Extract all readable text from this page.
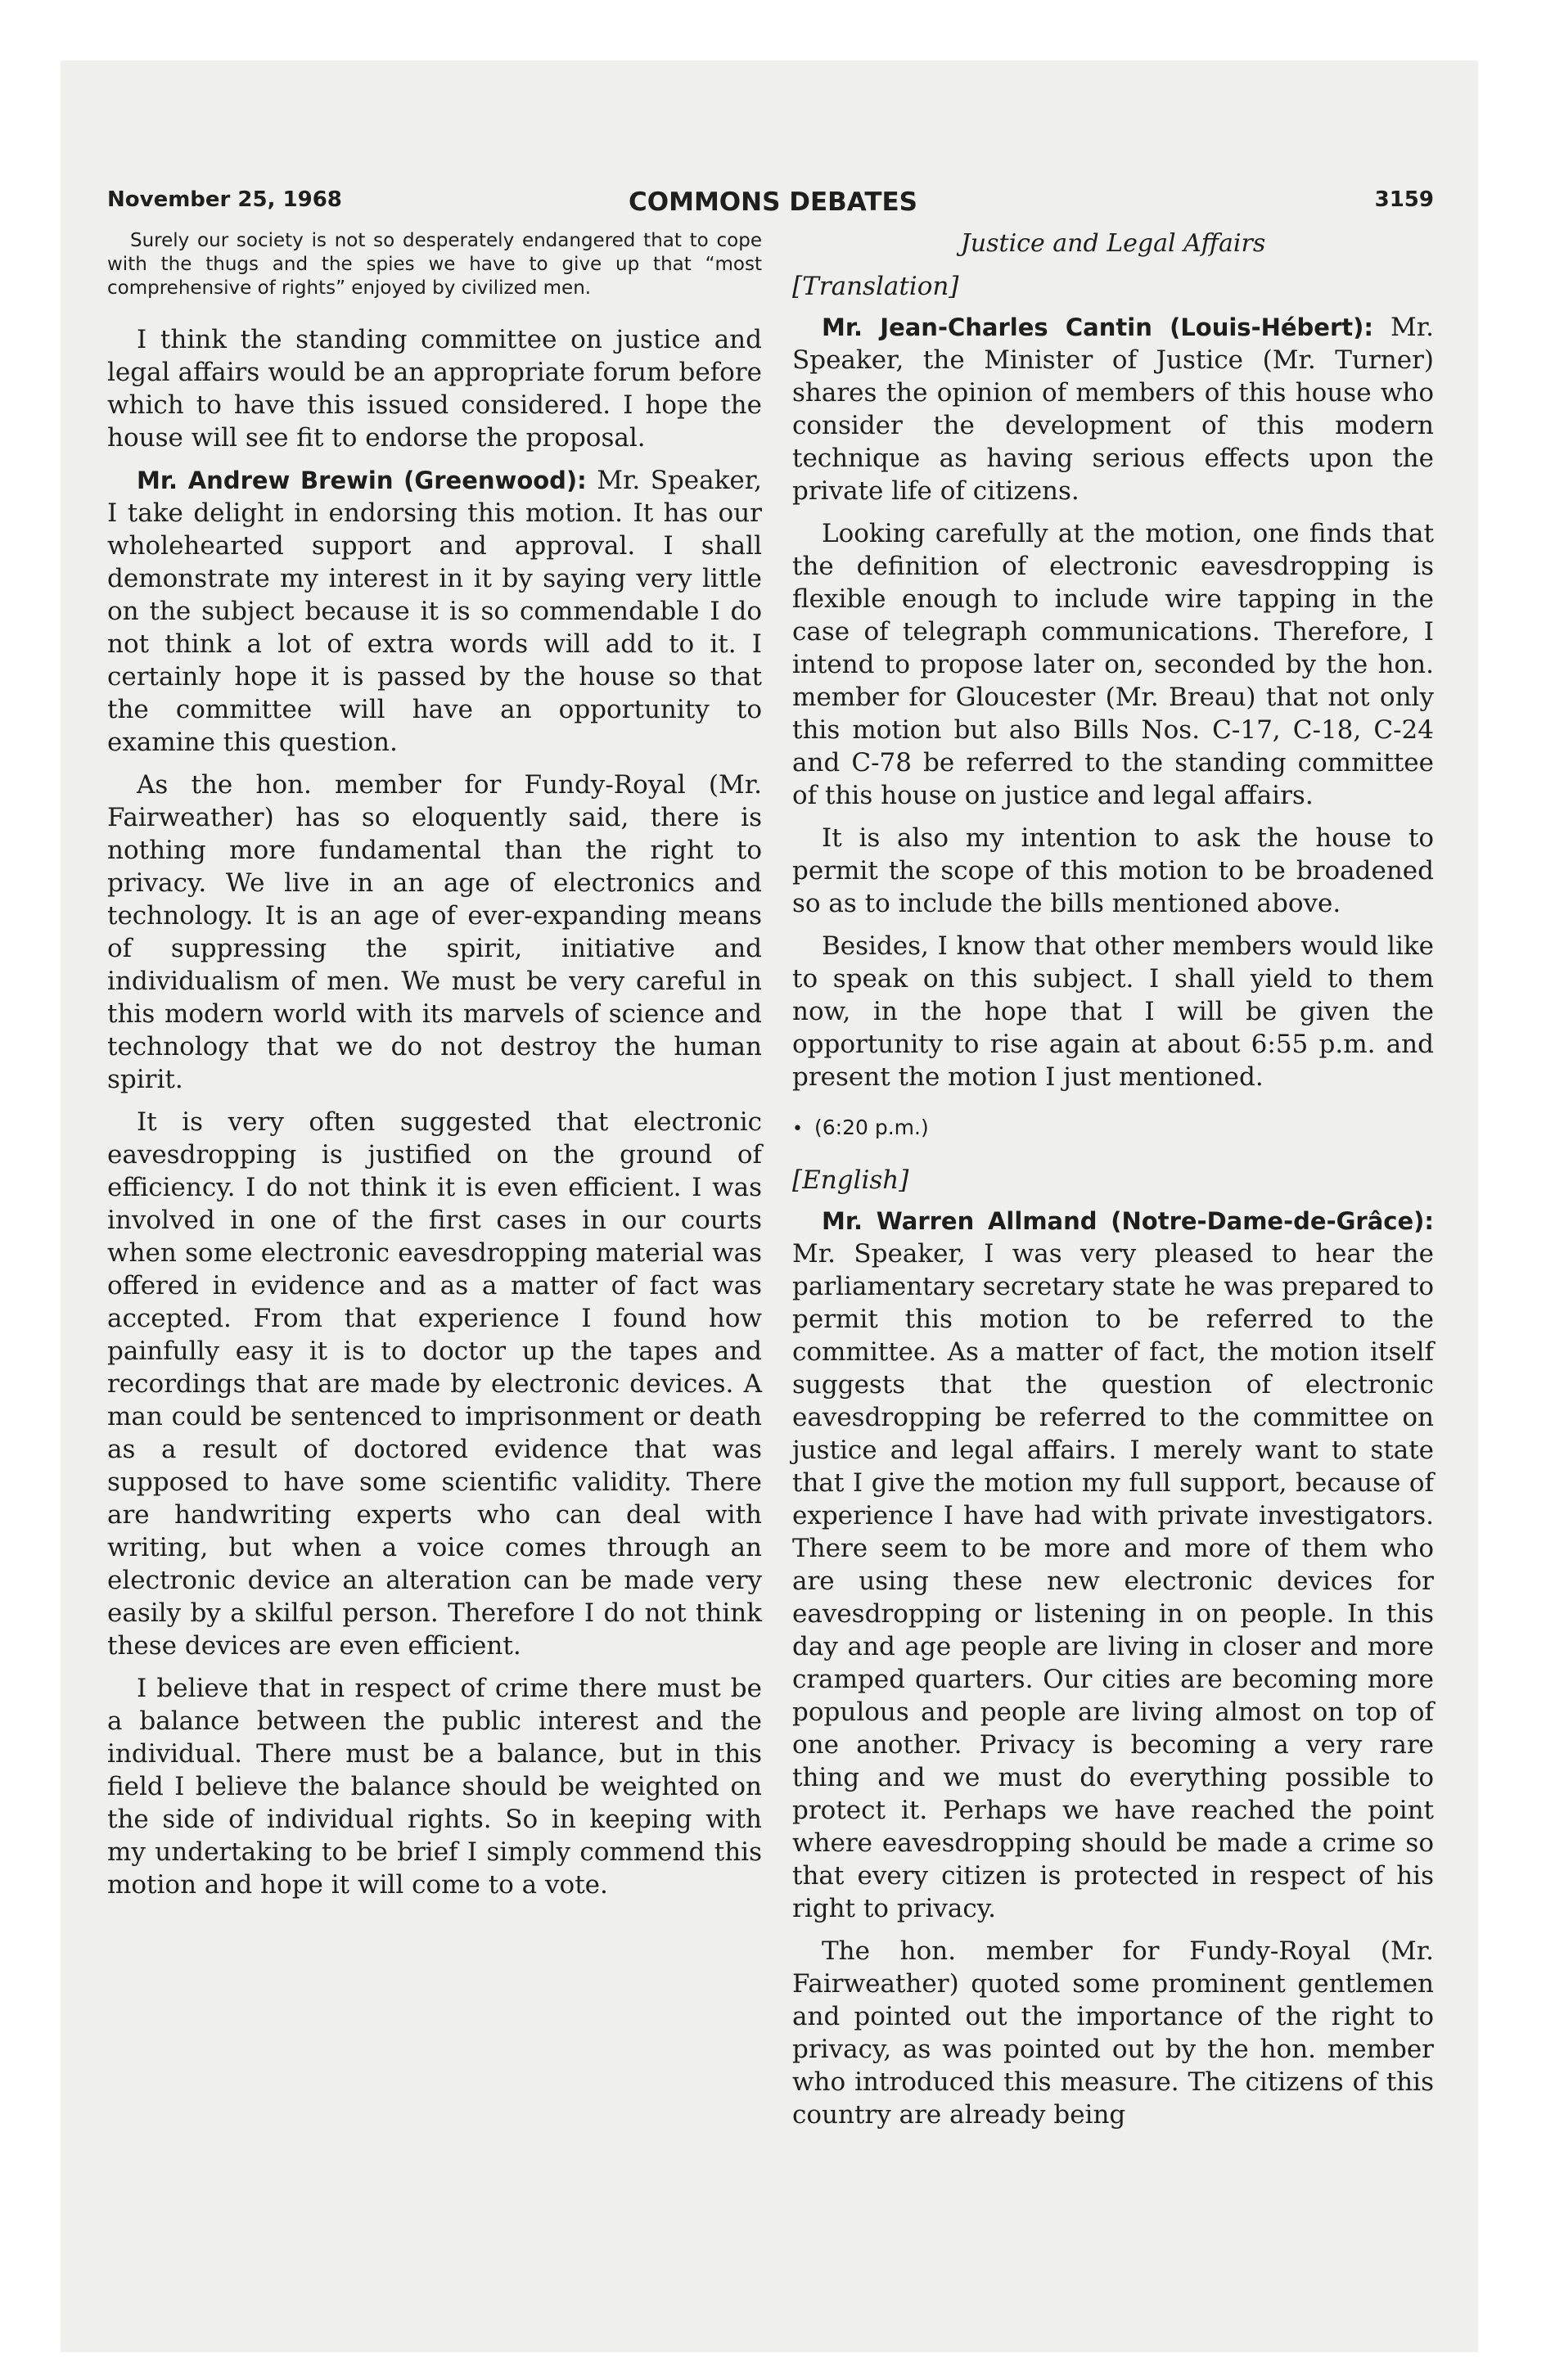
November 25, 1968	COMMONS DEBATES	3159
Justice and Legal Affairs

Surely our society is not so desperately endangered that to cope with the thugs and the spies we have to give up that “most comprehensive of rights” enjoyed by civilized men.

I think the standing committee on justice and legal affairs would be an appropriate forum before which to have this issued considered. I hope the house will see fit to endorse the proposal.

Mr. Andrew Brewin (Greenwood): Mr. Speaker, I take delight in endorsing this motion. It has our wholehearted support and approval. I shall demonstrate my interest in it by saying very little on the subject because it is so commendable I do not think a lot of extra words will add to it. I certainly hope it is passed by the house so that the committee will have an opportunity to examine this question.

As the hon. member for Fundy-Royal (Mr. Fairweather) has so eloquently said, there is nothing more fundamental than the right to privacy. We live in an age of electronics and technology. It is an age of ever-expanding means of suppressing the spirit, initiative and individualism of men. We must be very careful in this modern world with its marvels of science and technology that we do not destroy the human spirit.

It is very often suggested that electronic eavesdropping is justified on the ground of efficiency. I do not think it is even efficient. I was involved in one of the first cases in our courts when some electronic eavesdropping material was offered in evidence and as a matter of fact was accepted. From that experience I found how painfully easy it is to doctor up the tapes and recordings that are made by electronic devices. A man could be sentenced to imprisonment or death as a result of doctored evidence that was supposed to have some scientific validity. There are handwriting experts who can deal with writing, but when a voice comes through an electronic device an alteration can be made very easily by a skilful person. Therefore I do not think these devices are even efficient.

I believe that in respect of crime there must be a balance between the public interest and the individual. There must be a balance, but in this field I believe the balance should be weighted on the side of individual rights. So in keeping with my undertaking to be brief I simply commend this motion and hope it will come to a vote.

[Translation]

Mr. Jean-Charles Cantin (Louis-Hébert): Mr. Speaker, the Minister of Justice (Mr. Turner) shares the opinion of members of this house who consider the development of this modern technique as having serious effects upon the private life of citizens.

Looking carefully at the motion, one finds that the definition of electronic eavesdropping is flexible enough to include wire tapping in the case of telegraph communications. Therefore, I intend to propose later on, seconded by the hon. member for Gloucester (Mr. Breau) that not only this motion but also Bills Nos. C-17, C-18, C-24 and C-78 be referred to the standing committee of this house on justice and legal affairs.

It is also my intention to ask the house to permit the scope of this motion to be broadened so as to include the bills mentioned above.

Besides, I know that other members would like to speak on this subject. I shall yield to them now, in the hope that I will be given the opportunity to rise again at about 6:55 p.m. and present the motion I just mentioned.

• (6:20 p.m.)

[English]

Mr. Warren Allmand (Notre-Dame-de-Grâce): Mr. Speaker, I was very pleased to hear the parliamentary secretary state he was prepared to permit this motion to be referred to the committee. As a matter of fact, the motion itself suggests that the question of electronic eavesdropping be referred to the committee on justice and legal affairs. I merely want to state that I give the motion my full support, because of experience I have had with private investigators. There seem to be more and more of them who are using these new electronic devices for eavesdropping or listening in on people. In this day and age people are living in closer and more cramped quarters. Our cities are becoming more populous and people are living almost on top of one another. Privacy is becoming a very rare thing and we must do everything possible to protect it. Perhaps we have reached the point where eavesdropping should be made a crime so that every citizen is protected in respect of his right to privacy.

The hon. member for Fundy-Royal (Mr. Fairweather) quoted some prominent gentlemen and pointed out the importance of the right to privacy, as was pointed out by the hon. member who introduced this measure. The citizens of this country are already being
